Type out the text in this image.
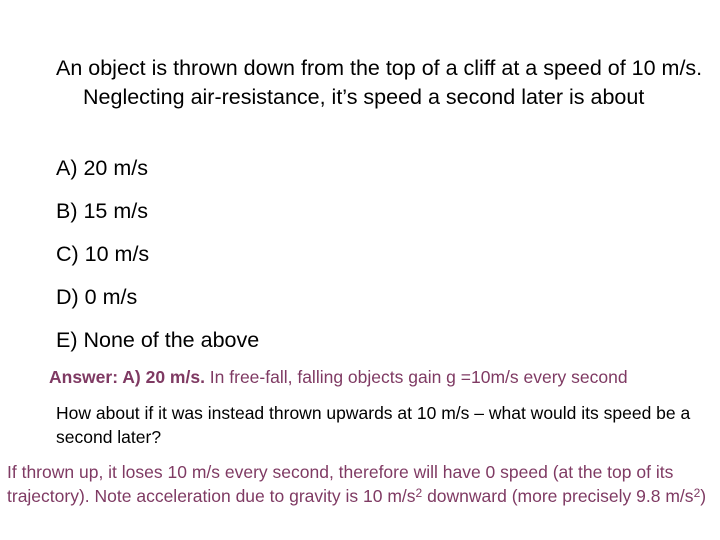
An object is thrown down from the top of a cliff at a speed of 10 m/s. Neglecting air-resistance, it’s speed a second later is about
A) 20 m/s
B) 15 m/s
C) 10 m/s
D) 0 m/s
E) None of the above
Answer: A) 20 m/s. In free-fall, falling objects gain g =10m/s every second
How about if it was instead thrown upwards at 10 m/s – what would its speed be a second later?
If thrown up, it loses 10 m/s every second, therefore will have 0 speed (at the top of its trajectory). Note acceleration due to gravity is 10 $m/s^2$ downward (more precisely 9.8 $m/s^2$)
